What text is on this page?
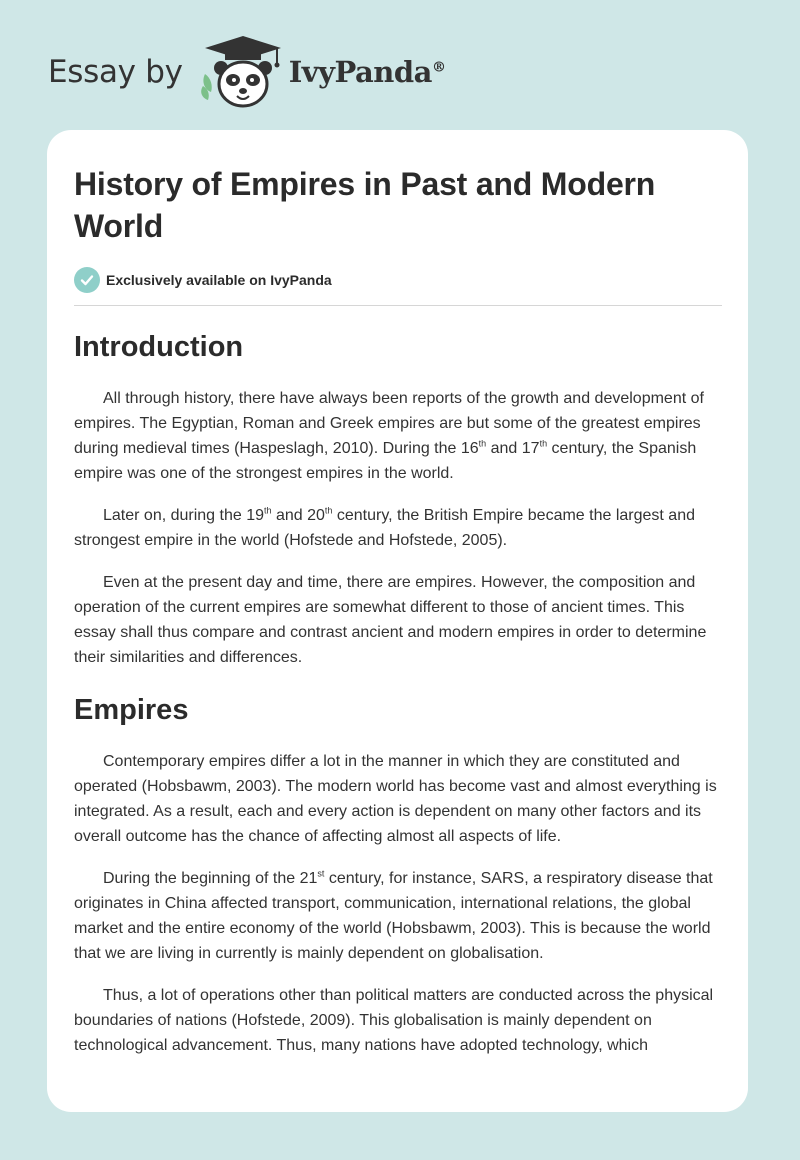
Essay by	IvyPanda®
History of Empires in Past and Modern World
Exclusively available on IvyPanda
Introduction

All through history, there have always been reports of the growth and development of empires. The Egyptian, Roman and Greek empires are but some of the greatest empires during medieval times (Haspeslagh, 2010). During the 16th and 17th century, the Spanish empire was one of the strongest empires in the world.

Later on, during the 19th and 20th century, the British Empire became the largest and strongest empire in the world (Hofstede and Hofstede, 2005).

Even at the present day and time, there are empires. However, the composition and operation of the current empires are somewhat different to those of ancient times. This essay shall thus compare and contrast ancient and modern empires in order to determine their similarities and differences.

Empires

Contemporary empires differ a lot in the manner in which they are constituted and operated (Hobsbawm, 2003). The modern world has become vast and almost everything is integrated. As a result, each and every action is dependent on many other factors and its overall outcome has the chance of affecting almost all aspects of life.

During the beginning of the 21st century, for instance, SARS, a respiratory disease that originates in China affected transport, communication, international relations, the global market and the entire economy of the world (Hobsbawm, 2003). This is because the world that we are living in currently is mainly dependent on globalisation.

Thus, a lot of operations other than political matters are conducted across the physical boundaries of nations (Hofstede, 2009). This globalisation is mainly dependent on technological advancement. Thus, many nations have adopted technology, which
